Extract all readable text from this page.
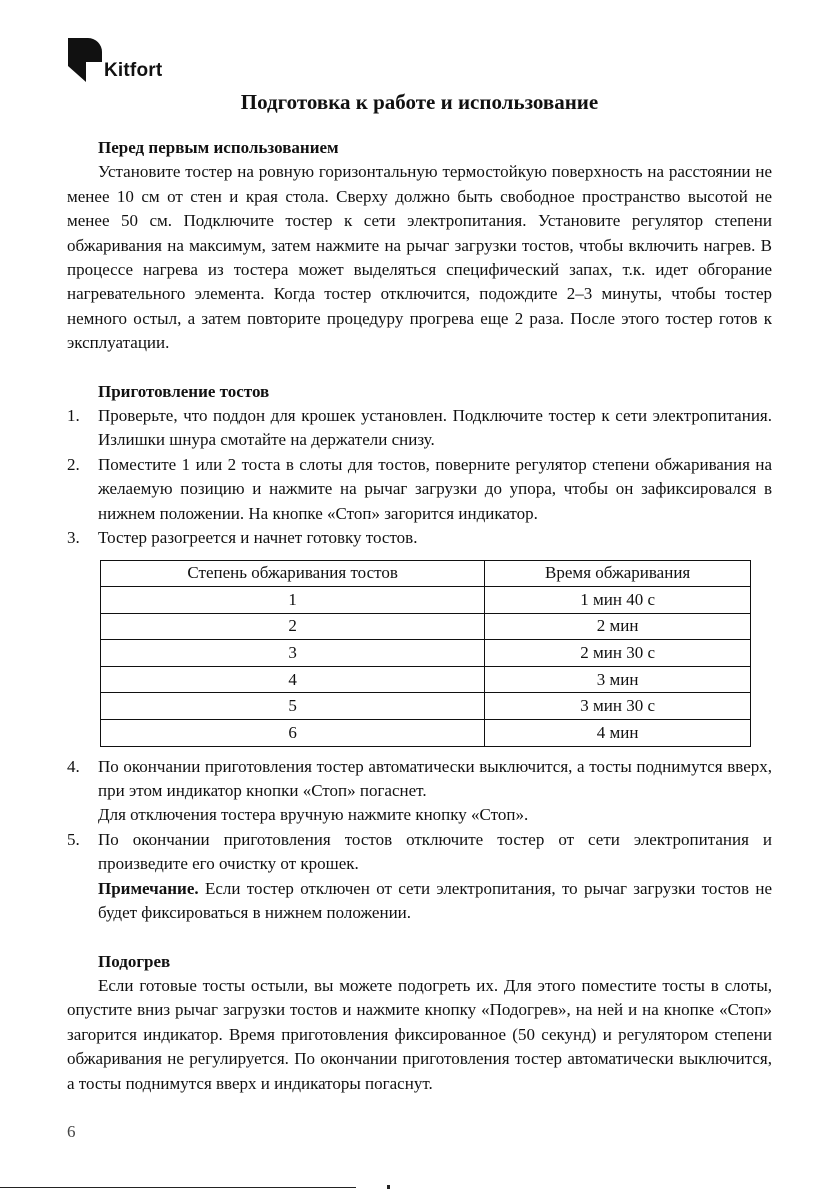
Kitfort
Подготовка к работе и использование

Перед первым использованием

Установите тостер на ровную горизонтальную термостойкую поверхность на расстоянии не менее 10 см от стен и края стола. Сверху должно быть свободное пространство высотой не менее 50 см. Подключите тостер к сети электропитания. Установите регулятор степени обжаривания на максимум, затем нажмите на рычаг загрузки тостов, чтобы включить нагрев. В процессе нагрева из тостера может выделяться специфический запах, т.к. идет обгорание нагревательного элемента. Когда тостер отключится, подождите 2–3 минуты, чтобы тостер немного остыл, а затем повторите процедуру прогрева еще 2 раза. После этого тостер готов к эксплуатации.

Приготовление тостов

1. Проверьте, что поддон для крошек установлен. Подключите тостер к сети электропитания. Излишки шнура смотайте на держатели снизу.
2. Поместите 1 или 2 тоста в слоты для тостов, поверните регулятор степени обжаривания на желаемую позицию и нажмите на рычаг загрузки до упора, чтобы он зафиксировался в нижнем положении. На кнопке «Стоп» загорится индикатор.
3. Тостер разогреется и начнет готовку тостов.
Степень обжаривания тостов	Время обжаривания
1	1 мин 40 с
2	2 мин
3	2 мин 30 с
4	3 мин
5	3 мин 30 с
6	4 мин
4. По окончании приготовления тостер автоматически выключится, а тосты поднимутся вверх, при этом индикатор кнопки «Стоп» погаснет.
Для отключения тостера вручную нажмите кнопку «Стоп».
5. По окончании приготовления тостов отключите тостер от сети электропитания и произведите его очистку от крошек.
Примечание. Если тостер отключен от сети электропитания, то рычаг загрузки тостов не будет фиксироваться в нижнем положении.

Подогрев

Если готовые тосты остыли, вы можете подогреть их. Для этого поместите тосты в слоты, опустите вниз рычаг загрузки тостов и нажмите кнопку «Подогрев», на ней и на кнопке «Стоп» загорится индикатор. Время приготовления фиксированное (50 секунд) и регулятором степени обжаривания не регулируется. По окончании приготовления тостер автоматически выключится, а тосты поднимутся вверх и индикаторы погаснут.

6
